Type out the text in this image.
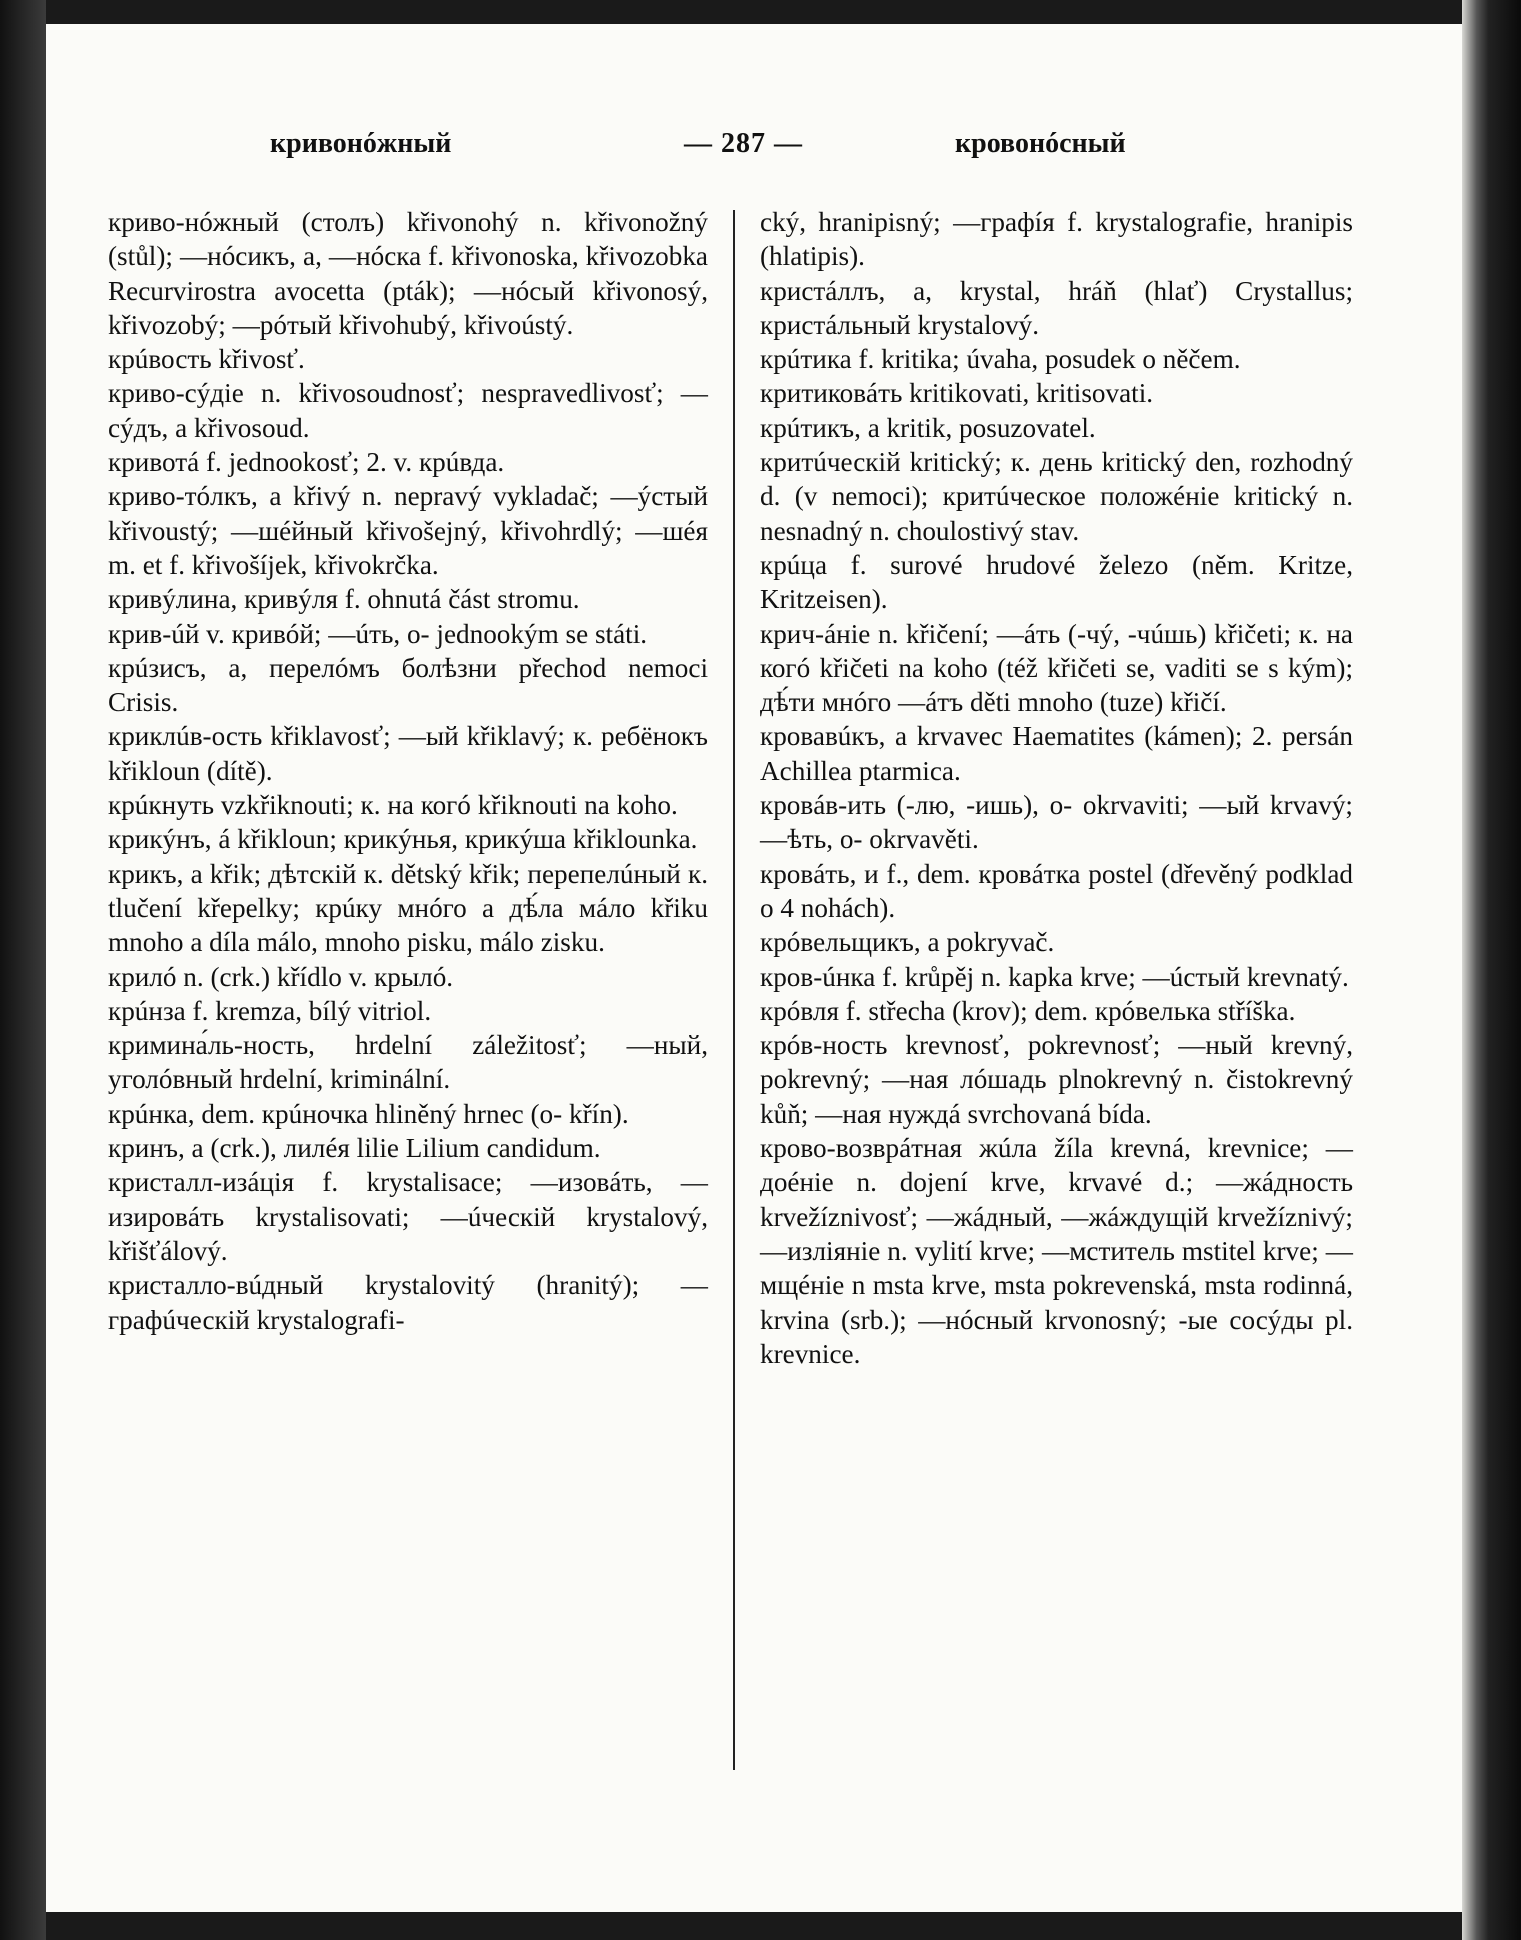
кривонóжный	— 287 —	кровонóсный
криво-нóжный (столъ) křivonohý n. křivonožný (stůl); —нóсикъ, а, —нóска f. křivonoska, křivozobka Recurvirostra avocetta (pták); —нóсый křivonosý, křivozobý; —рóтый křivohubý, křivoústý.
крúвость křivosť.
криво-сýдіе n. křivosoudnosť; nespravedlivosť; —сýдъ, а křivosoud.
кривотá f. jednookosť; 2. v. крúвда.
криво-тóлкъ, а křivý n. nepravý vykladač; —ýстый křivoustý; —шéйный křivošejný, křivohrdlý; —шéя m. et f. křivošíjek, křivokrčka.
кривýлина, кривýля f. ohnutá část stromu.
крив-úй v. кривóй; —úть, о- jednookým se státi.
крúзисъ, а, перелóмъ болѣзни přechod nemoci Crisis.
криклúв-ость křiklavosť; —ый křiklavý; к. ребёнокъ křikloun (dítě).
крúкнуть vzkřiknouti; к. на когó křiknouti na koho.
крикýнъ, á křikloun; крикýнья, крикýша křiklounka.
крикъ, а křik; дѣтскій к. dětský křik; перепелúный к. tlučení křepelky; крúку мнóго а дѣ́ла мáло křiku mnoho a díla málo, mnoho pisku, málo zisku.
крилó n. (crk.) křídlo v. крылó.
крúнза f. kremza, bílý vitriol.
кримина́ль-ность, hrdelní záležitosť; —ный, уголóвный hrdelní, kriminální.
крúнка, dem. крúночка hliněný hrnec (o- křín).
кринъ, а (crk.), лилéя lilie Lilium candidum.
кристалл-изáція f. krystalisace; —изовáть, —изировáть krystalisovati; —úческій krystalový, křišťálový.
кристалло-вúдный krystalovitý (hranitý); —графúческій krystalografi-
cký, hranipisný; —графíя f. krystalografie, hranipis (hlatipis).
кристáллъ, а, krystal, hráň (hlať) Crystallus; кристáльный krystalový.
крúтика f. kritika; úvaha, posudek o něčem.
критиковáть kritikovati, kritisovati.
крúтикъ, а kritik, posuzovatel.
критúческій kritický; к. день kritický den, rozhodný d. (v nemoci); критúческое положéніе kritický n. nesnadný n. choulostivý stav.
крúца f. surové hrudové železo (něm. Kritze, Kritzeisen).
крич-áніе n. křičení; —áть (-чý, -чúшь) křičeti; к. на когó křičeti na koho (též křičeti se, vaditi se s kým); дѣ́ти мнóго —áтъ děti mnoho (tuze) křičí.
кровавúкъ, а krvavec Haematites (kámen); 2. persán Achillea ptarmica.
кровáв-ить (-лю, -ишь), о- okrvaviti; —ый krvavý; —ѣть, о- okrvavěti.
кровáть, и f., dem. кровáтка postel (dřevěný podklad o 4 nohách).
крóвельщикъ, а pokryvač.
кров-úнка f. krůpěj n. kapka krve; —úстый krevnatý.
крóвля f. střecha (krov); dem. крóвелька stříška.
крóв-ность krevnosť, pokrevnosť; —ный krevný, pokrevný; —ная лóшадь plnokrevný n. čistokrevný kůň; —ная нуждá svrchovaná bída.
крово-возврáтная жúла žíla krevná, krevnice; —доéніе n. dojení krve, krvavé d.; —жáдность krvežíznivosť; —жáдный, —жáждущій krvežíznivý; —изліяніе n. vylití krve; —мститель mstitel krve; —мщéніе n msta krve, msta pokrevenská, msta rodinná, krvina (srb.); —нóсный krvonosný; -ые сосýды pl. krevnice.
